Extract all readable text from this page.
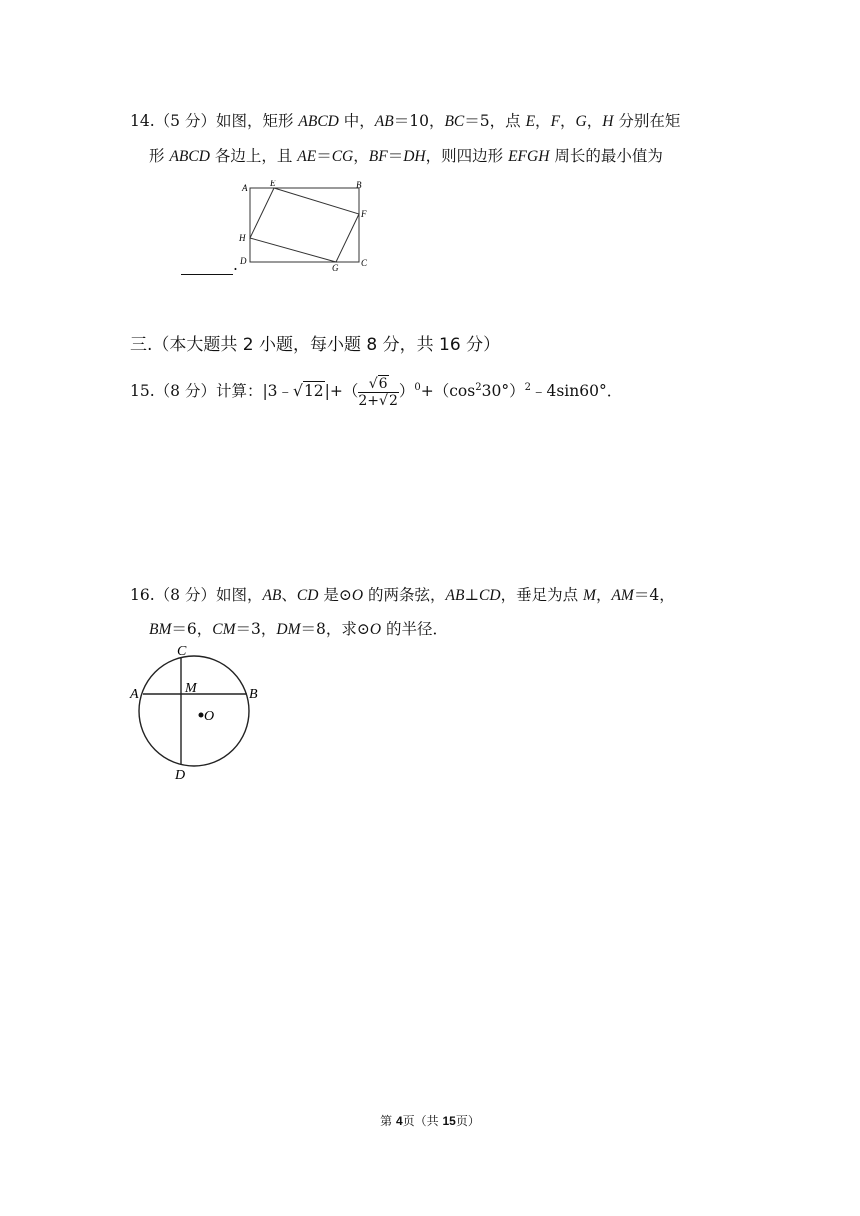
14.（5 分）如图，矩形 ABCD 中，AB＝10，BC＝5，点 E，F，G，H 分别在矩
形 ABCD 各边上，且 AE＝CG，BF＝DH，则四边形 EFGH 周长的最小值为
A	E	B
F
C
G
D
H
.
三.（本大题共 2 小题，每小题 8 分，共 16 分）
15.（8 分）计算：|3﹣√12|+（ $\frac{√6}{2+√2}$ ）$^0+(\cos^230^\circ)^2﹣4\sin 60^\circ$．
16.（8 分）如图，AB、CD 是⊙O 的两条弦，AB⊥CD，垂足为点 M，AM＝4，
BM＝6，CM＝3，DM＝8，求⊙O 的半径．
A	B
C
D
M
O
第 4页（共 15页）
